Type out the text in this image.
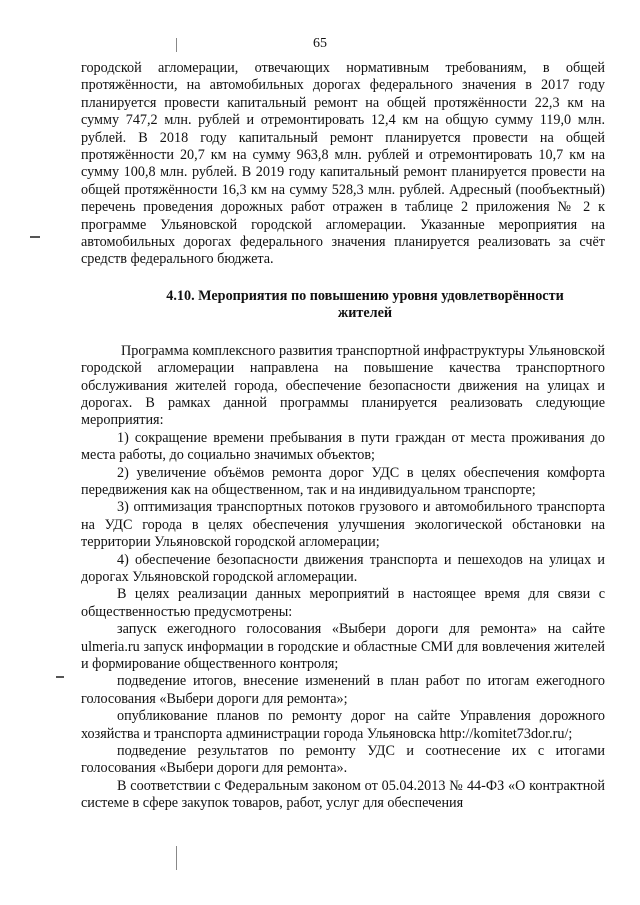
65

городской агломерации, отвечающих нормативным требованиям, в общей протяжённости, на автомобильных дорогах федерального значения в 2017 году планируется провести капитальный ремонт на общей протяжённости 22,3 км на сумму 747,2 млн. рублей и отремонтировать 12,4 км на общую сумму 119,0 млн. рублей. В 2018 году капитальный ремонт планируется провести на общей протяжённости 20,7 км на сумму 963,8 млн. рублей и отремонтировать 10,7 км на сумму 100,8 млн. рублей. В 2019 году капитальный ремонт планируется провести на общей протяжённости 16,3 км на сумму 528,3 млн. рублей. Адресный (пообъектный) перечень проведения дорожных работ отражен в таблице 2 приложения № 2 к программе Ульяновской городской агломерации. Указанные мероприятия на автомобильных дорогах федерального значения планируется реализовать за счёт средств федерального бюджета.

4.10. Мероприятия по повышению уровня удовлетворённости
жителей

Программа комплексного развития транспортной инфраструктуры Ульяновской городской агломерации направлена на повышение качества транспортного обслуживания жителей города, обеспечение безопасности движения на улицах и дорогах. В рамках данной программы планируется реализовать следующие мероприятия:

1) сокращение времени пребывания в пути граждан от места проживания до места работы, до социально значимых объектов;

2) увеличение объёмов ремонта дорог УДС в целях обеспечения комфорта передвижения как на общественном, так и на индивидуальном транспорте;

3) оптимизация транспортных потоков грузового и автомобильного транспорта на УДС города в целях обеспечения улучшения экологической обстановки на территории Ульяновской городской агломерации;

4) обеспечение безопасности движения транспорта и пешеходов на улицах и дорогах Ульяновской городской агломерации.

В целях реализации данных мероприятий в настоящее время для связи с общественностью предусмотрены:

запуск ежегодного голосования «Выбери дороги для ремонта» на сайте ulmeria.ru запуск информации в городские и областные СМИ для вовлечения жителей и формирование общественного контроля;

подведение итогов, внесение изменений в план работ по итогам ежегодного голосования «Выбери дороги для ремонта»;

опубликование планов по ремонту дорог на сайте Управления дорожного хозяйства и транспорта администрации города Ульяновска http://komitet73dor.ru/;

подведение результатов по ремонту УДС и соотнесение их с итогами голосования «Выбери дороги для ремонта».

В соответствии с Федеральным законом от 05.04.2013 № 44-ФЗ «О контрактной системе в сфере закупок товаров, работ, услуг для обеспечения
